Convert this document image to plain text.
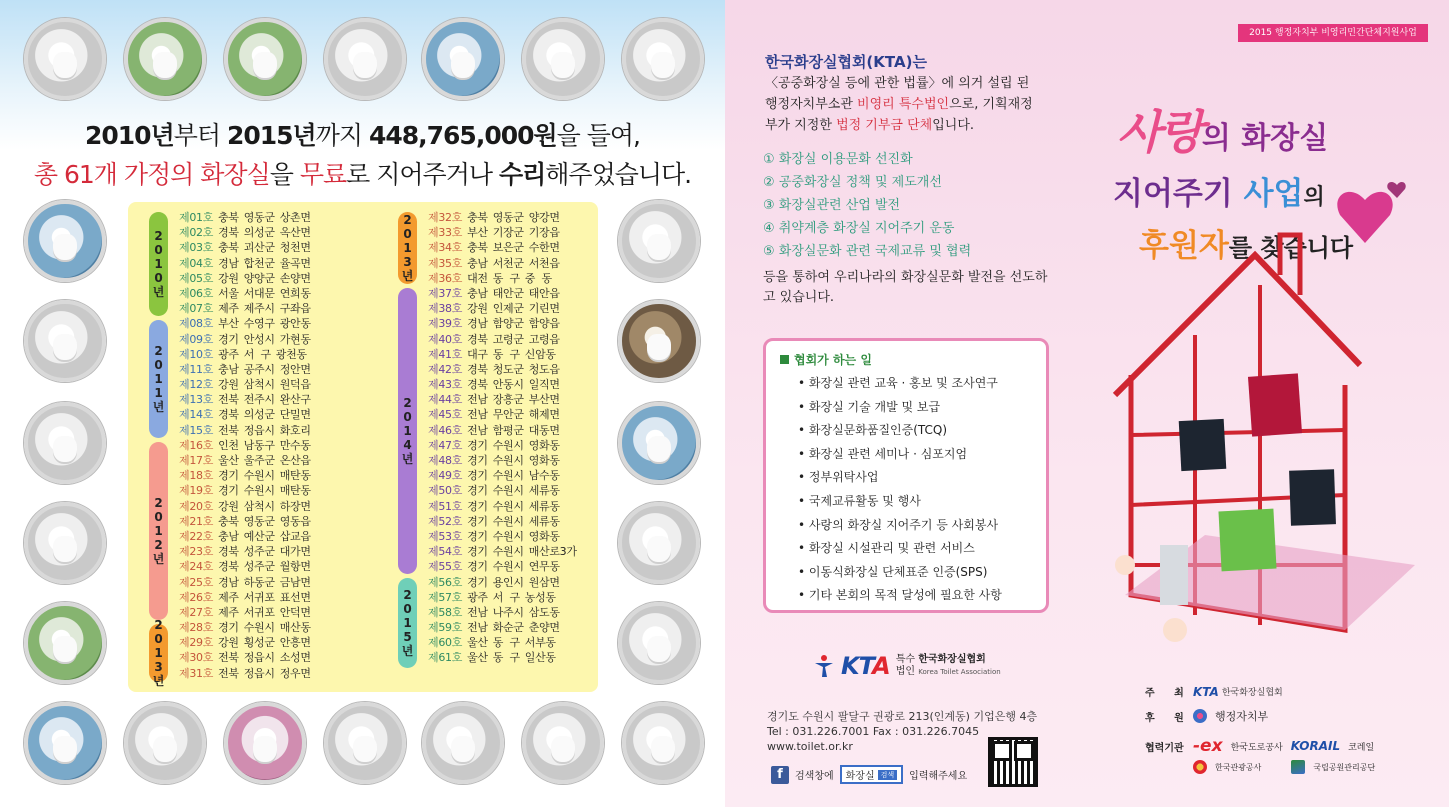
2010년부터 2015년까지 448,765,000원을 들여,
총 61개 가정의 화장실을 무료로 지어주거나 수리해주었습니다.
2
0
1
0
년
2
0
1
1
년
2
0
1
2
년
2
0
1
3
년
2
0
1
3
년
2
0
1
4
년
2
0
1
5
년
제01호 충북 영동군 상촌면
제02호 경북 의성군 옥산면
제03호 충북 괴산군 청천면
제04호 경남 합천군 율곡면
제05호 강원 양양군 손양면
제06호 서울 서대문 연희동
제07호 제주 제주시 구좌읍
제08호 부산 수영구 광안동
제09호 경기 안성시 가현동
제10호 광주 서  구 광천동
제11호 충남 공주시 정안면
제12호 강원 삼척시 원덕읍
제13호 전북 전주시 완산구
제14호 경북 의성군 단밀면
제15호 전북 정읍시 화호리
제16호 인천 남동구 만수동
제17호 울산 울주군 온산읍
제18호 경기 수원시 매탄동
제19호 경기 수원시 매탄동
제20호 강원 삼척시 하장면
제21호 충북 영동군 영동읍
제22호 충남 예산군 삽교읍
제23호 경북 성주군 대가면
제24호 경북 성주군 월항면
제25호 경남 하동군 금남면
제26호 제주 서귀포 표선면
제27호 제주 서귀포 안덕면
제28호 경기 수원시 매산동
제29호 강원 횡성군 안흥면
제30호 전북 정읍시 소성면
제31호 전북 정읍시 정우면
제32호 충북 영동군 양강면
제33호 부산 기장군 기장읍
제34호 충북 보은군 수한면
제35호 충남 서천군 서천읍
제36호 대전 동  구 중  동
제37호 충남 태안군 태안읍
제38호 강원 인제군 기린면
제39호 경남 함양군 함양읍
제40호 경북 고령군 고령읍
제41호 대구 동  구 신암동
제42호 경북 청도군 청도읍
제43호 경북 안동시 일직면
제44호 전남 장흥군 부산면
제45호 전남 무안군 해제면
제46호 전남 함평군 대동면
제47호 경기 수원시 영화동
제48호 경기 수원시 영화동
제49호 경기 수원시 남수동
제50호 경기 수원시 세류동
제51호 경기 수원시 세류동
제52호 경기 수원시 세류동
제53호 경기 수원시 영화동
제54호 경기 수원시 매산로3가
제55호 경기 수원시 연무동
제56호 경기 용인시 원삼면
제57호 광주 서  구 농성동
제58호 전남 나주시 삼도동
제59호 전남 화순군 춘양면
제60호 울산 동  구 서부동
제61호 울산 동  구 일산동
2015 행정자치부 비영리민간단체지원사업
한국화장실협회(KTA)는
〈공중화장실 등에 관한 법률〉에 의거 설립 된
행정자치부소관 비영리 특수법인으로, 기획재정
부가 지정한 법정 기부금 단체입니다.
① 화장실 이용문화 선진화
② 공중화장실 정책 및 제도개선
③ 화장실관련 산업 발전
④ 취약계층 화장실 지어주기 운동
⑤ 화장실문화 관련 국제교류 및 협력
등을 통하여 우리나라의 화장실문화 발전을 선도하고 있습니다.
협회가 하는 일
• 화장실 관련 교육 · 홍보 및 조사연구
• 화장실 기술 개발 및 보급
• 화장실문화품질인증(TCQ)
• 화장실 관련 세미나 · 심포지엄
• 정부위탁사업
• 국제교류활동 및 행사
• 사랑의 화장실 지어주기 등 사회봉사
• 화장실 시설관리 및 관련 서비스
• 이동식화장실 단체표준 인증(SPS)
• 기타 본회의 목적 달성에 필요한 사항
KTA 특수 한국화장실협회
법인 Korea Toilet Association
경기도 수원시 팔달구 권광로 213(인계동) 기업은행 4층
Tel : 031.226.7001 Fax : 031.226.7045
www.toilet.or.kr
f	검색창에 화장실 검색	입력해주세요
사랑의 화장실
지어주기 사업의
후원자를 찾습니다
주 최 KTA 한국화장실협회
후 원 행정자치부
협력기관 -ex 한국도로공사 KORAIL 코레일
한국관광공사	국립공원관리공단
